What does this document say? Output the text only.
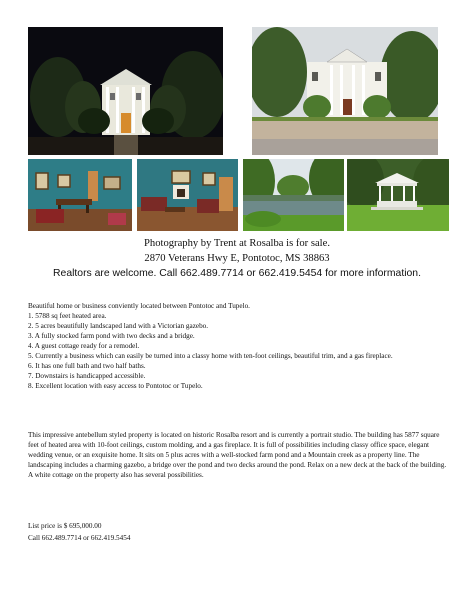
Photography by Trent at Rosalba is for sale.
2870 Veterans Hwy E, Pontotoc, MS 38863
Realtors are welcome. Call 662.489.7714 or 662.419.5454 for more information.
Beautiful home or business conviently located between Pontotoc and Tupelo.
1. 5788 sq feet heated area.
2. 5 acres beautifully landscaped land with a Victorian gazebo.
3. A fully stocked farm pond with two decks and a bridge.
4. A guest cottage ready for a remodel.
5. Currently a business which can easily be turned into a classy home with ten-foot ceilings, beautiful trim, and a gas fireplace.
6. It has one full bath and two half baths.
7. Downstairs is handicapped accessible.
8. Excellent location with easy access to Pontotoc or Tupelo.
This impressive antebellum styled property is located on historic Rosalba resort and is currently a portrait studio. The building has 5877 square feet of heated area with 10-foot ceilings, custom molding, and a gas fireplace. It is full of possibilities including classy office space, elegant wedding venue, or an exquisite home. It sits on 5 plus acres with a well-stocked farm pond and a Mountain creek as a property line. The landscaping includes a charming gazebo, a bridge over the pond and two decks around the pond. Relax on a new deck at the back of the building. A white cottage on the property also has several possibilities.
List price is $ 695,000.00
Call 662.489.7714 or 662.419.5454
